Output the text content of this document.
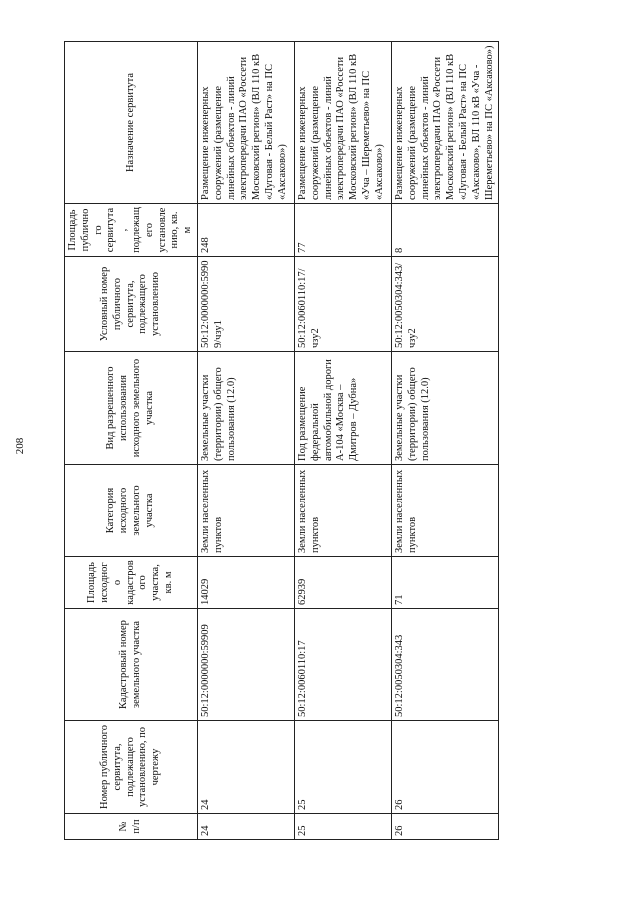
208
№ п/п	Номер публичного сервитута, подлежащего установлению, по чертежу	Кадастровый номер земельного участка	Площадь исходного кадастрового участка, кв. м	Категория исходного земельного участка	Вид разрешенного использования исходного земельного участка	Условный номер публичного сервитута, подлежащего установлению	Площадь публичного сервитута, подлежащего установлению, кв. м	Назначение сервитута
24	24	50:12:0000000:59909	14029	Земли населенных пунктов	Земельные участки (территории) общего пользования (12.0)	50:12:0000000:59909/чзу1	248	Размещение инженерных сооружений (размещение линейных объектов - линий электропередачи ПАО «Россети Московский регион» (ВЛ 110 кВ «Луговая - Белый Раст» на ПС «Аксаково»)
25	25	50:12:0060110:17	62939	Земли населенных пунктов	Под размещение федеральной автомобильной дороги А-104 «Москва – Дмитров – Дубна»	50:12:0060110:17/чзу2	77	Размещение инженерных сооружений (размещение линейных объектов - линий электропередачи ПАО «Россети Московский регион» (ВЛ 110 кВ «Уча – Шереметьево» на ПС «Аксаково»)
26	26	50:12:0050304:343	71	Земли населенных пунктов	Земельные участки (территории) общего пользования (12.0)	50:12:0050304:343/чзу2	8	Размещение инженерных сооружений (размещение линейных объектов - линий электропередачи ПАО «Россети Московский регион» (ВЛ 110 кВ «Луговая - Белый Раст» на ПС «Аксаково», ВЛ 110 кВ «Уча - Шереметьево» на ПС «Аксаково»)
